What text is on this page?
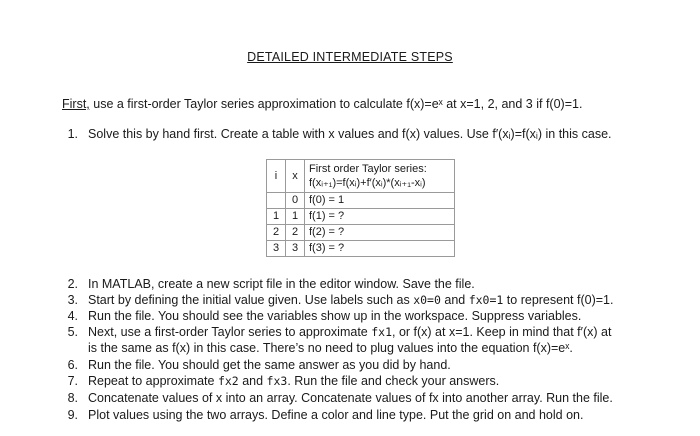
DETAILED INTERMEDIATE STEPS
First, use a first-order Taylor series approximation to calculate f(x)=eˣ at x=1, 2, and 3 if f(0)=1.
1. Solve this by hand first. Create a table with x values and f(x) values. Use f′(xᵢ)=f(xᵢ) in this case.
i	x	First order Taylor series:
f(xᵢ₊₁)=f(xᵢ)+f′(xᵢ)*(xᵢ₊₁-xᵢ)

	0	f(0) = 1
1	1	f(1) = ?
2	2	f(2) = ?
3	3	f(3) = ?
2. In MATLAB, create a new script file in the editor window. Save the file.
3. Start by defining the initial value given. Use labels such as x0=0 and fx0=1 to represent f(0)=1.
4. Run the file. You should see the variables show up in the workspace. Suppress variables.
5. Next, use a first-order Taylor series to approximate fx1, or f(x) at x=1. Keep in mind that f′(x) at
is the same as f(x) in this case. There’s no need to plug values into the equation f(x)=eˣ.
6. Run the file. You should get the same answer as you did by hand.
7. Repeat to approximate fx2 and fx3. Run the file and check your answers.
8. Concatenate values of x into an array. Concatenate values of fx into another array. Run the file.
9. Plot values using the two arrays. Define a color and line type. Put the grid on and hold on.
